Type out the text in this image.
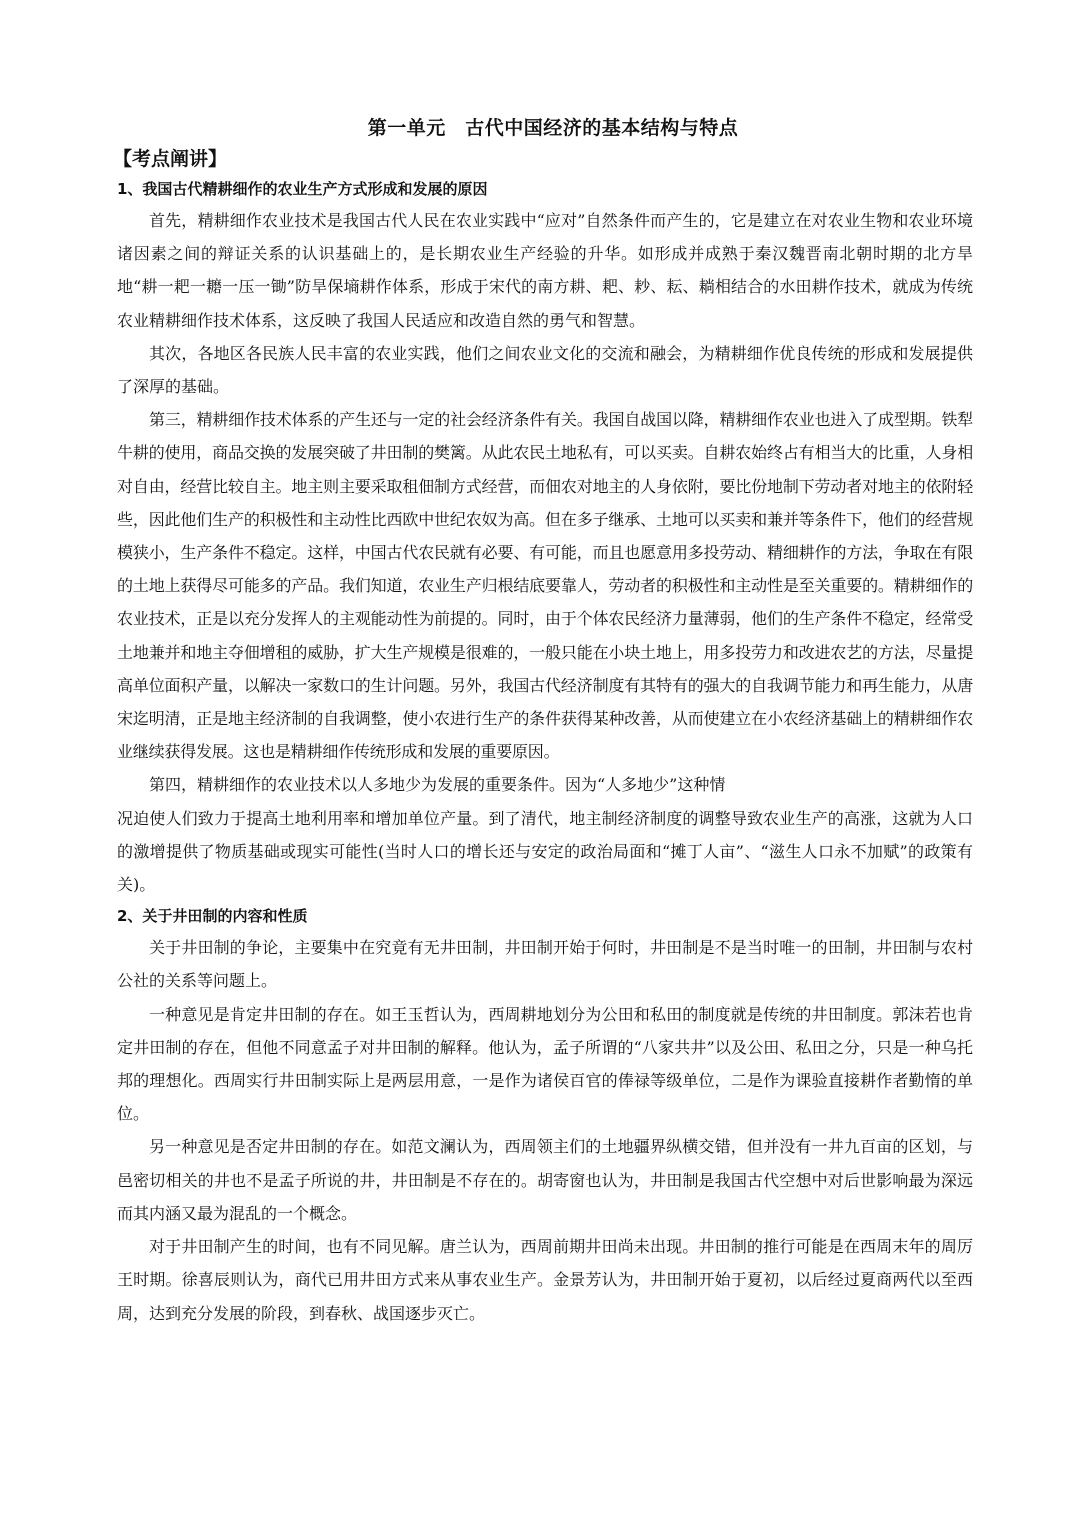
第一单元　古代中国经济的基本结构与特点
【考点阐讲】
1、我国古代精耕细作的农业生产方式形成和发展的原因

首先，精耕细作农业技术是我国古代人民在农业实践中“应对”自然条件而产生的，它是建立在对农业生物和农业环境诸因素之间的辩证关系的认识基础上的，是长期农业生产经验的升华。如形成并成熟于秦汉魏晋南北朝时期的北方旱地“耕一耙一耱一压一锄”防旱保墒耕作体系，形成于宋代的南方耕、耙、耖、耘、耥相结合的水田耕作技术，就成为传统农业精耕细作技术体系，这反映了我国人民适应和改造自然的勇气和智慧。

其次，各地区各民族人民丰富的农业实践，他们之间农业文化的交流和融会，为精耕细作优良传统的形成和发展提供了深厚的基础。

第三，精耕细作技术体系的产生还与一定的社会经济条件有关。我国自战国以降，精耕细作农业也进入了成型期。铁犁牛耕的使用，商品交换的发展突破了井田制的樊篱。从此农民土地私有，可以买卖。自耕农始终占有相当大的比重，人身相对自由，经营比较自主。地主则主要采取租佃制方式经营，而佃农对地主的人身依附，要比份地制下劳动者对地主的依附轻些，因此他们生产的积极性和主动性比西欧中世纪农奴为高。但在多子继承、土地可以买卖和兼并等条件下，他们的经营规模狭小，生产条件不稳定。这样，中国古代农民就有必要、有可能，而且也愿意用多投劳动、精细耕作的方法，争取在有限的土地上获得尽可能多的产品。我们知道，农业生产归根结底要靠人，劳动者的积极性和主动性是至关重要的。精耕细作的农业技术，正是以充分发挥人的主观能动性为前提的。同时，由于个体农民经济力量薄弱，他们的生产条件不稳定，经常受土地兼并和地主夺佃增租的威胁，扩大生产规模是很难的，一般只能在小块土地上，用多投劳力和改进农艺的方法，尽量提高单位面积产量，以解决一家数口的生计问题。另外，我国古代经济制度有其特有的强大的自我调节能力和再生能力，从唐宋迄明清，正是地主经济制的自我调整，使小农进行生产的条件获得某种改善，从而使建立在小农经济基础上的精耕细作农业继续获得发展。这也是精耕细作传统形成和发展的重要原因。

第四，精耕细作的农业技术以人多地少为发展的重要条件。因为“人多地少”这种情

况迫使人们致力于提高土地利用率和增加单位产量。到了清代，地主制经济制度的调整导致农业生产的高涨，这就为人口的激增提供了物质基础或现实可能性(当时人口的增长还与安定的政治局面和“摊丁人亩”、“滋生人口永不加赋”的政策有关)。

2、关于井田制的内容和性质

关于井田制的争论，主要集中在究竟有无井田制，井田制开始于何时，井田制是不是当时唯一的田制，井田制与农村公社的关系等问题上。

一种意见是肯定井田制的存在。如王玉哲认为，西周耕地划分为公田和私田的制度就是传统的井田制度。郭沫若也肯定井田制的存在，但他不同意孟子对井田制的解释。他认为，孟子所谓的“八家共井”以及公田、私田之分，只是一种乌托邦的理想化。西周实行井田制实际上是两层用意，一是作为诸侯百官的俸禄等级单位，二是作为课验直接耕作者勤惰的单位。

另一种意见是否定井田制的存在。如范文澜认为，西周领主们的土地疆界纵横交错，但并没有一井九百亩的区划，与邑密切相关的井也不是孟子所说的井，井田制是不存在的。胡寄窗也认为，井田制是我国古代空想中对后世影响最为深远而其内涵又最为混乱的一个概念。

对于井田制产生的时间，也有不同见解。唐兰认为，西周前期井田尚未出现。井田制的推行可能是在西周末年的周厉王时期。徐喜辰则认为，商代已用井田方式来从事农业生产。金景芳认为，井田制开始于夏初，以后经过夏商两代以至西周，达到充分发展的阶段，到春秋、战国逐步灭亡。
